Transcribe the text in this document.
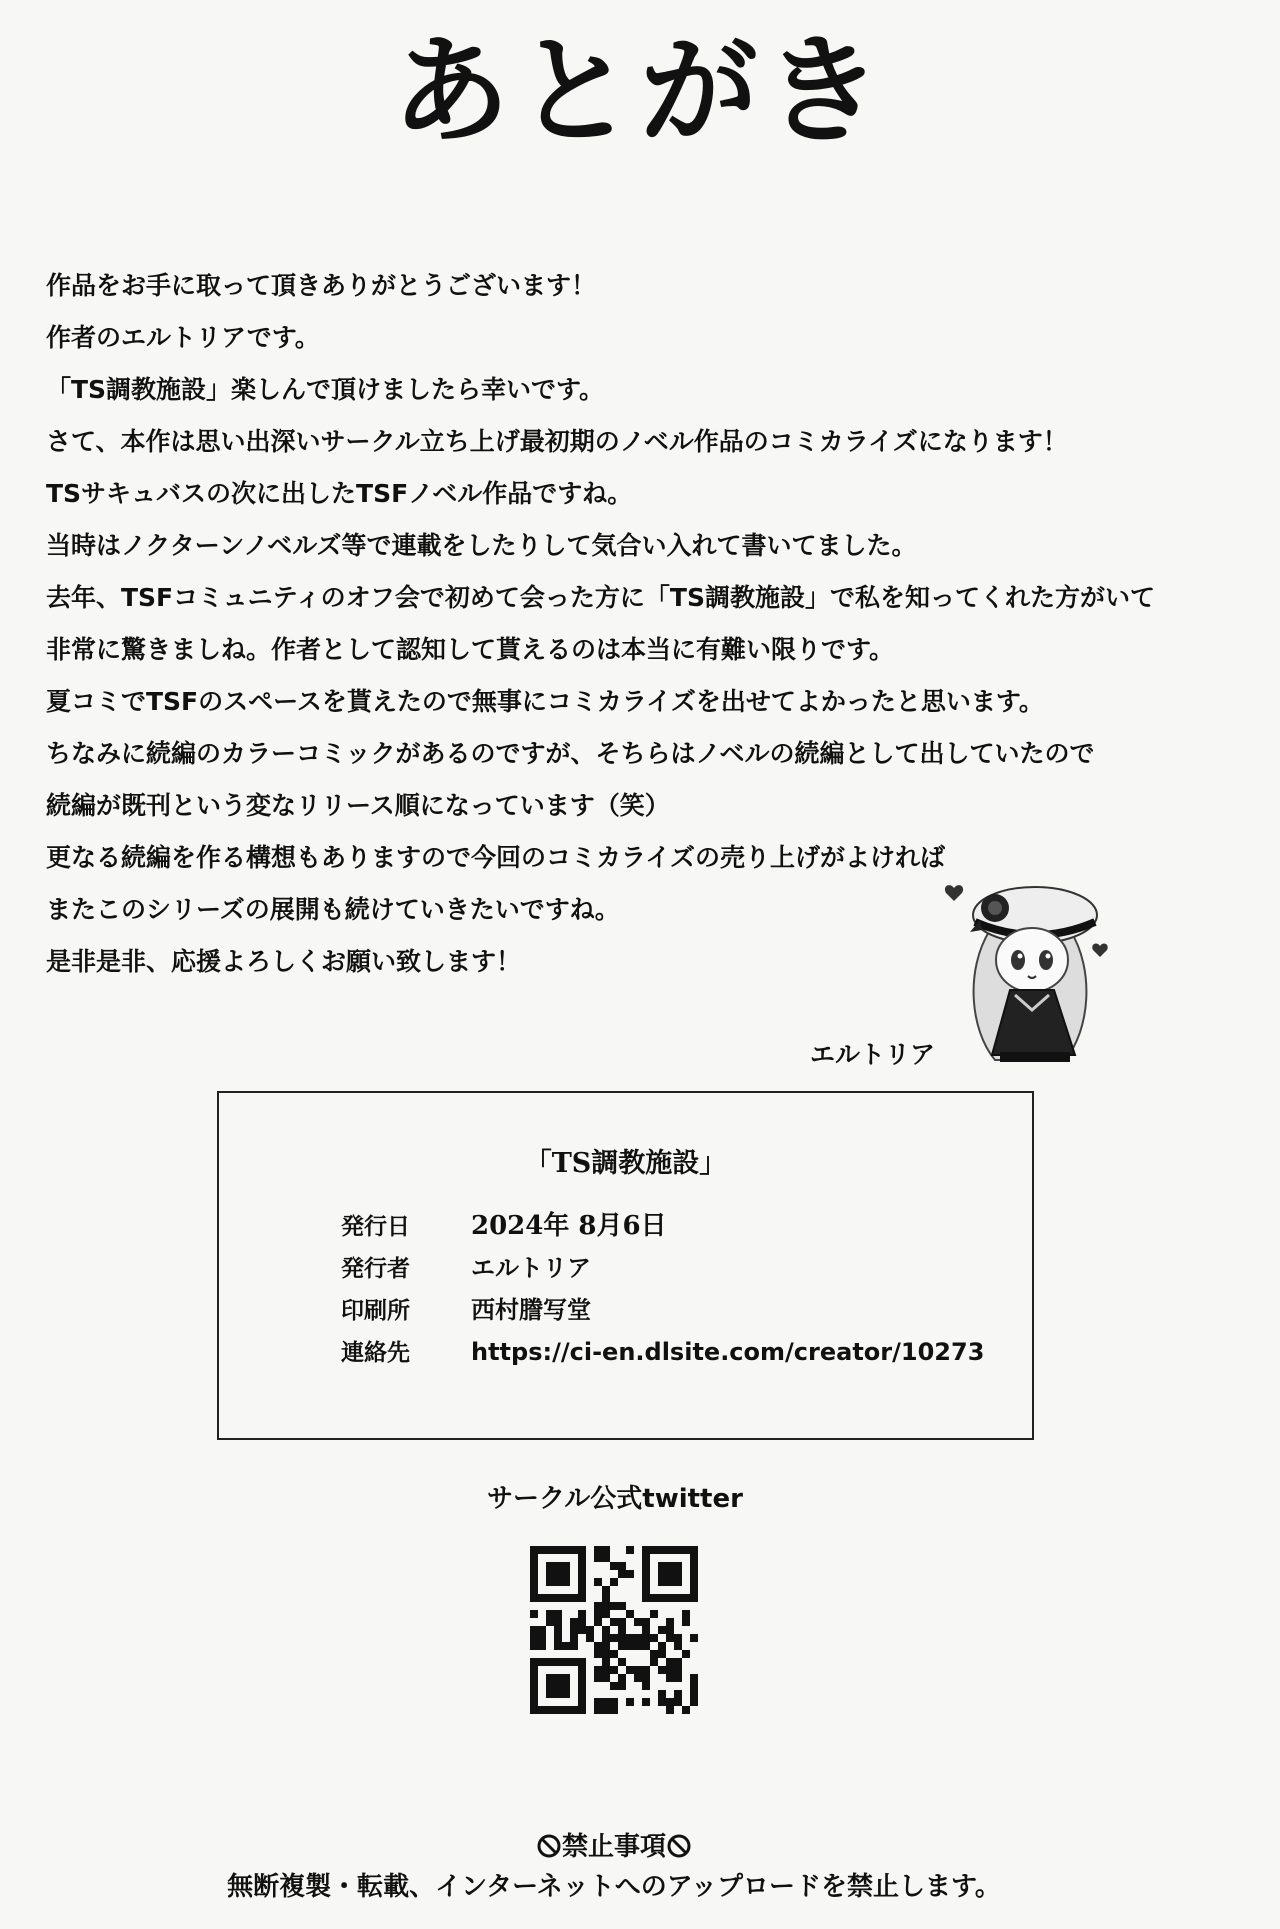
あとがき

作品をお手に取って頂きありがとうございます！

作者のエルトリアです。

「TS調教施設」楽しんで頂けましたら幸いです。

さて、本作は思い出深いサークル立ち上げ最初期のノベル作品のコミカライズになります！

TSサキュバスの次に出したTSFノベル作品ですね。

当時はノクターンノベルズ等で連載をしたりして気合い入れて書いてました。

去年、TSFコミュニティのオフ会で初めて会った方に「TS調教施設」で私を知ってくれた方がいて

非常に驚きましね。作者として認知して貰えるのは本当に有難い限りです。

夏コミでTSFのスペースを貰えたので無事にコミカライズを出せてよかったと思います。

ちなみに続編のカラーコミックがあるのですが、そちらはノベルの続編として出していたので

続編が既刊という変なリリース順になっています（笑）

更なる続編を作る構想もありますので今回のコミカライズの売り上げがよければ

またこのシリーズの展開も続けていきたいですね。

是非是非、応援よろしくお願い致します！

エルトリア
「TS調教施設」
発行日 2024年 8月6日
発行者	エルトリア
印刷所	西村謄写堂
連絡先	https://ci-en.dlsite.com/creator/10273
サークル公式twitter
禁止事項
無断複製・転載、インターネットへのアップロードを禁止します。
